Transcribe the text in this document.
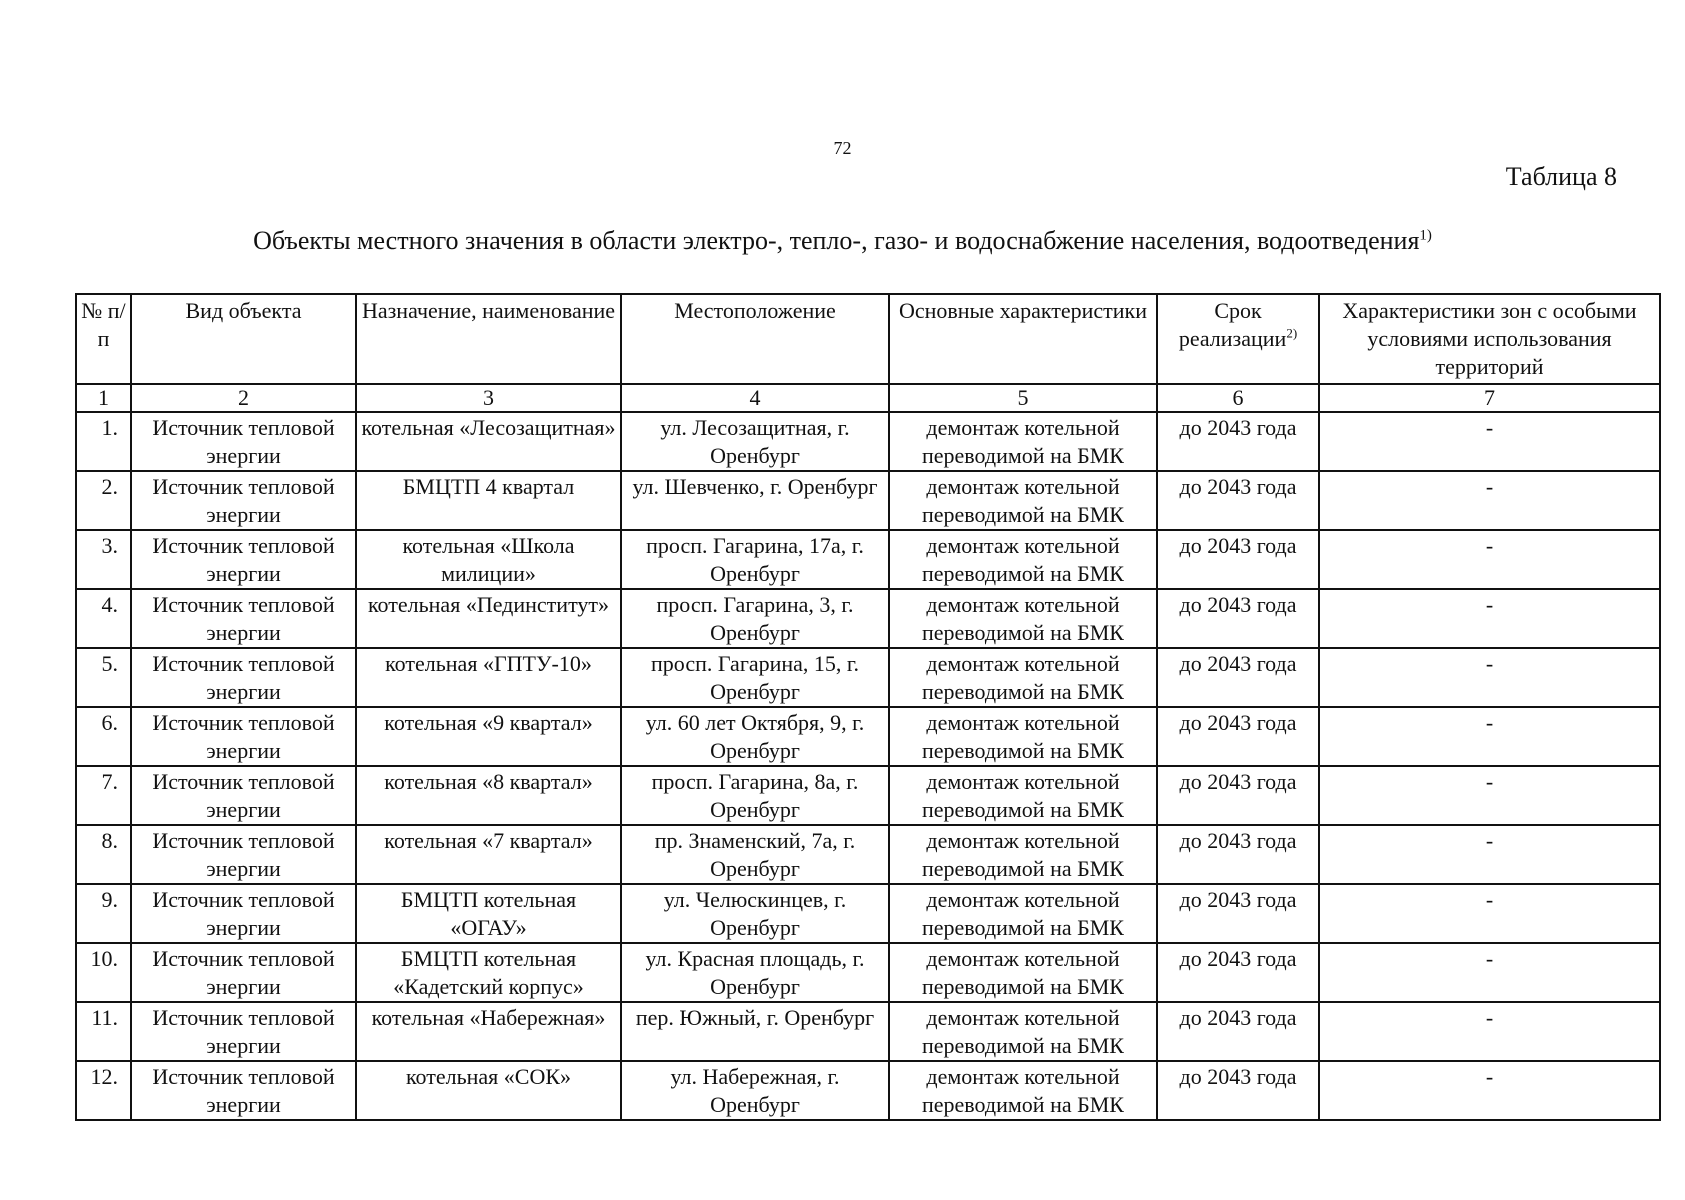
72
Таблица 8
Объекты местного значения в области электро-, тепло-, газо- и водоснабжение населения, водоотведения$^{1)}$
№ п/п	Вид объекта	Назначение, наименование	Местоположение	Основные характеристики	Срок реализации$^{2)}$	Характеристики зон с особыми условиями использования территорий
1	2	3	4	5	6	7
1.	Источник тепловой энергии	котельная «Лесозащитная»	ул. Лесозащитная, г. Оренбург	демонтаж котельной переводимой на БМК	до 2043 года	-
2.	Источник тепловой энергии	БМЦТП 4 квартал	ул. Шевченко, г. Оренбург	демонтаж котельной переводимой на БМК	до 2043 года	-
3.	Источник тепловой энергии	котельная «Школа милиции»	просп. Гагарина, 17а, г. Оренбург	демонтаж котельной переводимой на БМК	до 2043 года	-
4.	Источник тепловой энергии	котельная «Пединститут»	просп. Гагарина, 3, г. Оренбург	демонтаж котельной переводимой на БМК	до 2043 года	-
5.	Источник тепловой энергии	котельная «ГПТУ-10»	просп. Гагарина, 15, г. Оренбург	демонтаж котельной переводимой на БМК	до 2043 года	-
6.	Источник тепловой энергии	котельная «9 квартал»	ул. 60 лет Октября, 9, г. Оренбург	демонтаж котельной переводимой на БМК	до 2043 года	-
7.	Источник тепловой энергии	котельная «8 квартал»	просп. Гагарина, 8а, г. Оренбург	демонтаж котельной переводимой на БМК	до 2043 года	-
8.	Источник тепловой энергии	котельная «7 квартал»	пр. Знаменский, 7а, г. Оренбург	демонтаж котельной переводимой на БМК	до 2043 года	-
9.	Источник тепловой энергии	БМЦТП котельная «ОГАУ»	ул. Челюскинцев, г. Оренбург	демонтаж котельной переводимой на БМК	до 2043 года	-
10.	Источник тепловой энергии	БМЦТП котельная «Кадетский корпус»	ул. Красная площадь, г. Оренбург	демонтаж котельной переводимой на БМК	до 2043 года	-
11.	Источник тепловой энергии	котельная «Набережная»	пер. Южный, г. Оренбург	демонтаж котельной переводимой на БМК	до 2043 года	-
12.	Источник тепловой энергии	котельная «СОК»	ул. Набережная, г. Оренбург	демонтаж котельной переводимой на БМК	до 2043 года	-
